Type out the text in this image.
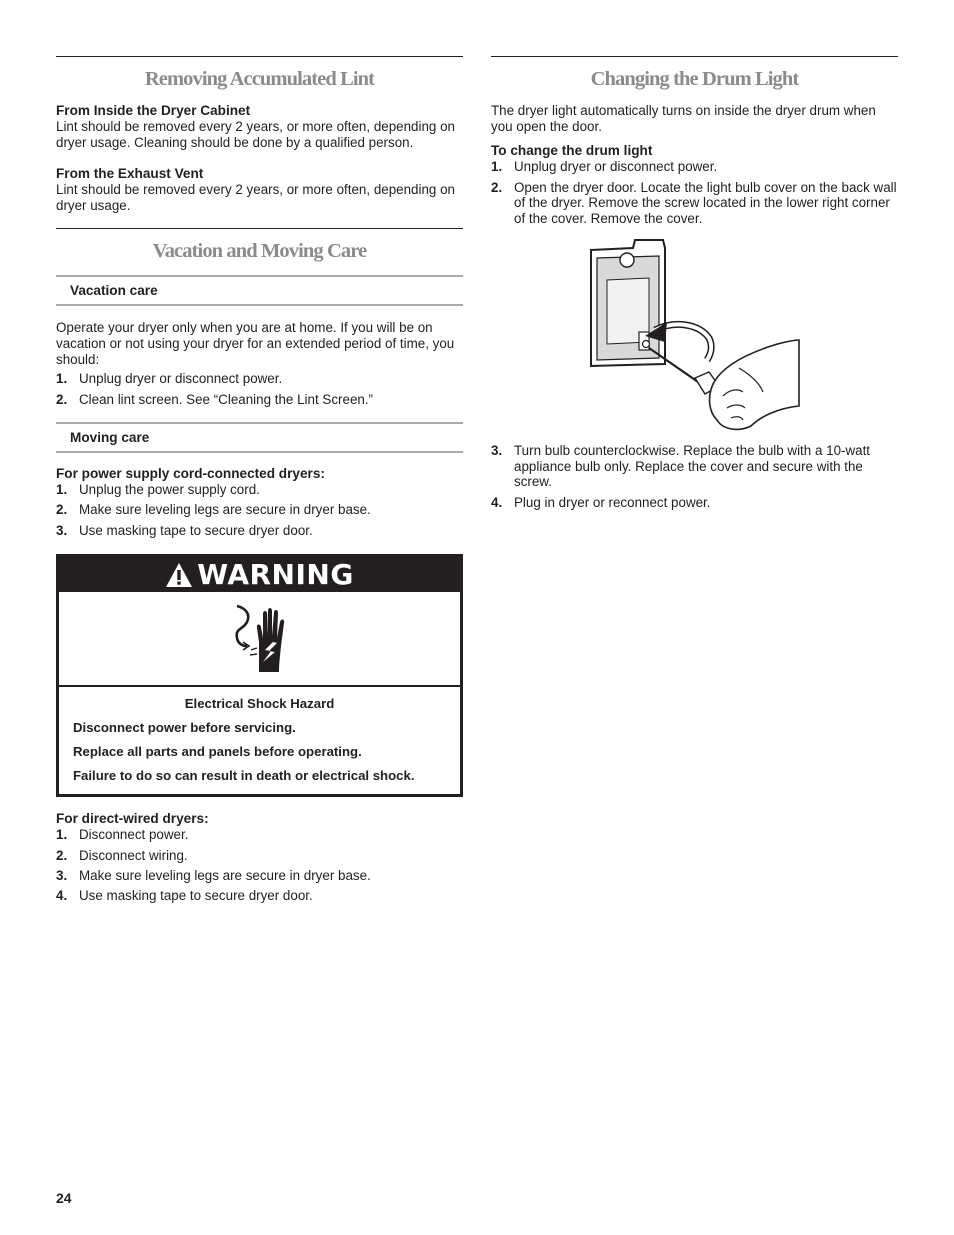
Removing Accumulated Lint
From Inside the Dryer Cabinet

Lint should be removed every 2 years, or more often, depending on dryer usage. Cleaning should be done by a qualified person.

From the Exhaust Vent

Lint should be removed every 2 years, or more often, depending on dryer usage.

Vacation and Moving Care
Vacation care

Operate your dryer only when you are at home. If you will be on vacation or not using your dryer for an extended period of time, you should:

1. Unplug dryer or disconnect power.
2. Clean lint screen. See “Cleaning the Lint Screen.”
Moving care
For power supply cord-connected dryers:
1. Unplug the power supply cord.
2. Make sure leveling legs are secure in dryer base.
3. Use masking tape to secure dryer door.
WARNING
Electrical Shock Hazard
Disconnect power before servicing.
Replace all parts and panels before operating.
Failure to do so can result in death or electrical shock.
For direct-wired dryers:
1. Disconnect power.
2. Disconnect wiring.
3. Make sure leveling legs are secure in dryer base.
4. Use masking tape to secure dryer door.
Changing the Drum Light

The dryer light automatically turns on inside the dryer drum when you open the door.

To change the drum light
1. Unplug dryer or disconnect power.
2. Open the dryer door. Locate the light bulb cover on the back wall of the dryer. Remove the screw located in the lower right corner of the cover. Remove the cover.
3. Turn bulb counterclockwise. Replace the bulb with a 10-watt appliance bulb only. Replace the cover and secure with the screw.
4. Plug in dryer or reconnect power.
24
